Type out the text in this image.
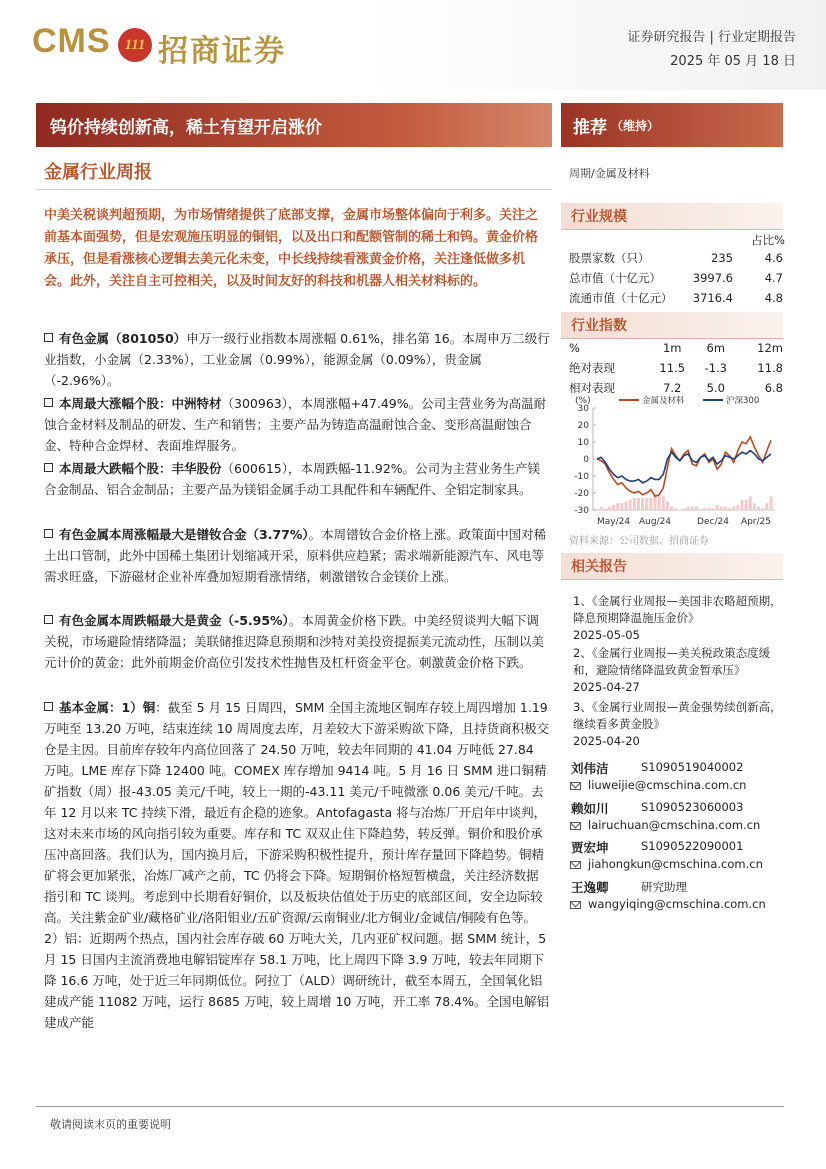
CMS 111 招商证券	证券研究报告 | 行业定期报告
2025 年 05 月 18 日
钨价持续创新高，稀土有望开启涨价	推荐 （维持）
金属行业周报	周期/金属及材料
中美关税谈判超预期，为市场情绪提供了底部支撑，金属市场整体偏向于利多。关注之前基本面强势，但是宏观施压明显的铜铝，以及出口和配额管制的稀土和钨。黄金价格承压，但是看涨核心逻辑去美元化未变，中长线持续看涨黄金价格，关注逢低做多机会。此外，关注自主可控相关，以及时间友好的科技和机器人相关材料标的。
有色金属（801050）申万一级行业指数本周涨幅 0.61%，排名第 16。本周申万二级行业指数，小金属（2.33%），工业金属（0.99%），能源金属（0.09%），贵金属（-2.96%）。
本周最大涨幅个股：中洲特材（300963），本周涨幅+47.49%。公司主营业务为高温耐蚀合金材料及制品的研发、生产和销售；主要产品为铸造高温耐蚀合金、变形高温耐蚀合金、特种合金焊材、表面堆焊服务。
本周最大跌幅个股：丰华股份（600615），本周跌幅-11.92%。公司为主营业务生产镁合金制品、铝合金制品；主要产品为镁铝金属手动工具配件和车辆配件、全铝定制家具。
有色金属本周涨幅最大是镨钕合金（3.77%）。本周镨钕合金价格上涨。政策面中国对稀土出口管制，此外中国稀土集团计划缩减开采，原料供应趋紧；需求端新能源汽车、风电等需求旺盛，下游磁材企业补库叠加短期看涨情绪，刺激镨钕合金镁价上涨。
有色金属本周跌幅最大是黄金（-5.95%）。本周黄金价格下跌。中美经贸谈判大幅下调关税，市场避险情绪降温；美联储推迟降息预期和沙特对美投资提振美元流动性，压制以美元计价的黄金；此外前期金价高位引发技术性抛售及杠杆资金平仓。刺激黄金价格下跌。
基本金属：1）铜：截至 5 月 15 日周四，SMM 全国主流地区铜库存较上周四增加 1.19 万吨至 13.20 万吨，结束连续 10 周周度去库，月差较大下游采购欲下降，且持货商积极交仓是主因。目前库存较年内高位回落了 24.50 万吨，较去年同期的 41.04 万吨低 27.84 万吨。LME 库存下降 12400 吨。COMEX 库存增加 9414 吨。5 月 16 日 SMM 进口铜精矿指数（周）报-43.05 美元/千吨，较上一期的-43.11 美元/千吨微涨 0.06 美元/千吨。去年 12 月以来 TC 持续下滑，最近有企稳的迹象。Antofagasta 将与冶炼厂开启年中谈判，这对未来市场的风向指引较为重要。库存和 TC 双双止住下降趋势，转反弹。铜价和股价承压冲高回落。我们认为，国内换月后，下游采购积极性提升，预计库存量回下降趋势。铜精矿将会更加紧张，冶炼厂减产之前，TC 仍将会下降。短期铜价格短暂横盘，关注经济数据指引和 TC 谈判。考虑到中长期看好铜价，以及板块估值处于历史的底部区间，安全边际较高。关注紫金矿业/藏格矿业/洛阳钼业/五矿资源/云南铜业/北方铜业/金诚信/铜陵有色等。2）铝：近期两个热点，国内社会库存破 60 万吨大关，几内亚矿权问题。据 SMM 统计，5 月 15 日国内主流消费地电解铝锭库存 58.1 万吨，比上周四下降 3.9 万吨，较去年同期下降 16.6 万吨，处于近三年同期低位。阿拉丁（ALD）调研统计，截至本周五，全国氧化铝建成产能 11082 万吨，运行 8685 万吨，较上周增 10 万吨，开工率 78.4%。全国电解铝建成产能
行业规模
占比%
股票家数（只）	235	4.6
总市值（十亿元）	3997.6	4.7
流通市值（十亿元）	3716.4	4.8
行业指数
%	1m	6m	12m
绝对表现	11.5	-1.3	11.8
相对表现	7.2	5.0	6.8
(%)	金属及材料	沪深300
-30
-20
-10
0
10
20
30
May/24 Aug/24	Dec/24 Apr/25
资料来源：公司数据、招商证券
相关报告
1、《金属行业周报—美国非农略超预期，降息预期降温施压金价》
2025-05-05
2、《金属行业周报—美关税政策态度缓和，避险情绪降温致黄金暂承压》
2025-04-27
3、《金属行业周报—黄金强势续创新高，继续看多黄金股》
2025-04-20
刘伟洁	S1090519040002
liuweijie@cmschina.com.cn
赖如川	S1090523060003
lairuchuan@cmschina.com.cn
贾宏坤	S1090522090001
jiahongkun@cmschina.com.cn
王逸卿	研究助理
wangyiqing@cmschina.com.cn
敬请阅读末页的重要说明
